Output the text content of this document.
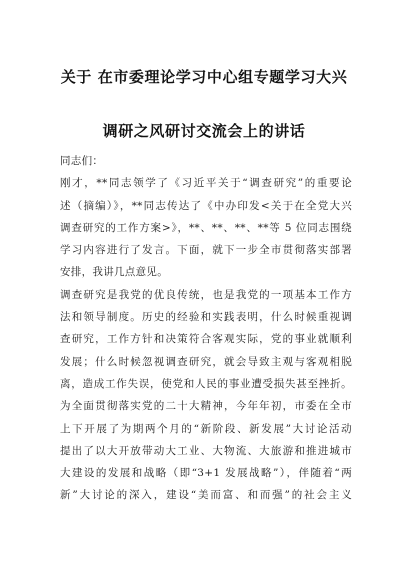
关于 在市委理论学习中心组专题学习大兴
调研之风研讨交流会上的讲话
同志们：
刚才，**同志领学了《习近平关于“调查研究”的重要论
述（摘编）》，**同志传达了《中办印发<关于在全党大兴
调查研究的工作方案>》，**、**、**、**等 5 位同志围绕
学习内容进行了发言。下面，就下一步全市贯彻落实部署
安排，我讲几点意见。
调查研究是我党的优良传统，也是我党的一项基本工作方
法和领导制度。历史的经验和实践表明，什么时候重视调
查研究，工作方针和决策符合客观实际，党的事业就顺利
发展；什么时候忽视调查研究，就会导致主观与客观相脱
离，造成工作失误，使党和人民的事业遭受损失甚至挫折。
为全面贯彻落实党的二十大精神，今年年初，市委在全市
上下开展了为期两个月的“新阶段、新发展”大讨论活动
提出了以大开放带动大工业、大物流、大旅游和推进城市
大建设的发展和战略（即“3+1 发展战略”），伴随着“两
新”大讨论的深入，建设“美而富、和而强”的社会主义
